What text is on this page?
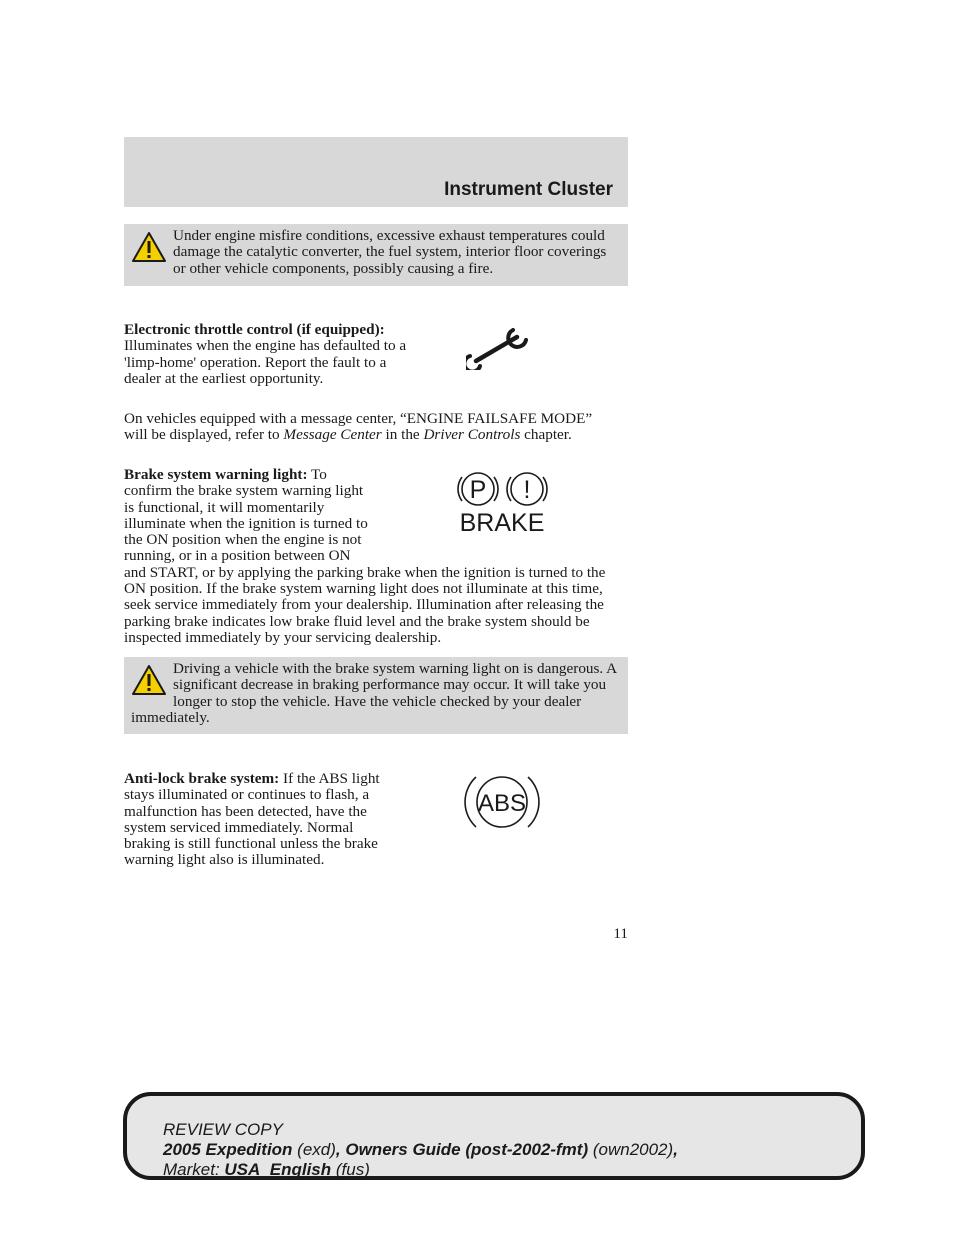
Instrument Cluster
Under engine misfire conditions, excessive exhaust temperatures could damage the catalytic converter, the fuel system, interior floor coverings or other vehicle components, possibly causing a fire.
Electronic throttle control (if equipped): Illuminates when the engine has defaulted to a 'limp-home' operation. Report the fault to a dealer at the earliest opportunity.
On vehicles equipped with a message center, “ENGINE FAILSAFE MODE” will be displayed, refer to Message Center in the Driver Controls chapter.
Brake system warning light: To confirm the brake system warning light is functional, it will momentarily illuminate when the ignition is turned to the ON position when the engine is not running, or in a position between ON and START, or by applying the parking brake when the ignition is turned to the ON position. If the brake system warning light does not illuminate at this time, seek service immediately from your dealership. Illumination after releasing the parking brake indicates low brake fluid level and the brake system should be inspected immediately by your servicing dealership.
P !
BRAKE
Driving a vehicle with the brake system warning light on is dangerous. A significant decrease in braking performance may occur. It will take you longer to stop the vehicle. Have the vehicle checked by your dealer immediately.
Anti-lock brake system: If the ABS light stays illuminated or continues to flash, a malfunction has been detected, have the system serviced immediately. Normal braking is still functional unless the brake warning light also is illuminated.
ABS
11
REVIEW COPY
2005 Expedition (exd), Owners Guide (post-2002-fmt) (own2002),
Market: USA_English (fus)
